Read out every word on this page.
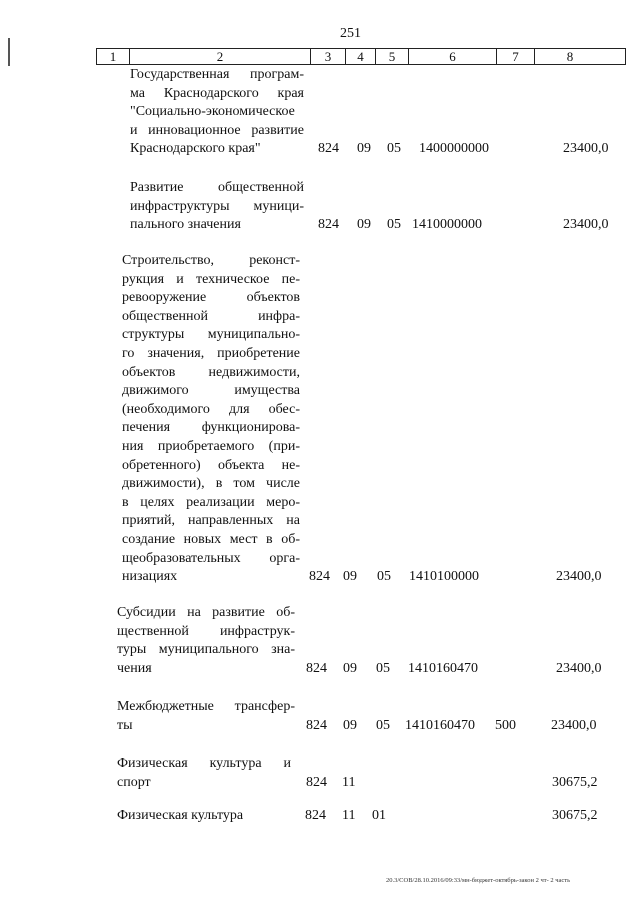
251
1	2	3	4	5	6	7	8
Государственная програм-
ма Краснодарского края
"Социально-экономическое
и инновационное развитие
Краснодарского края"	824 09 05 1400000000	23400,0
Развитие общественной
инфраструктуры муници-
пального значения	824 09 05 1410000000	23400,0
Строительство, реконст-
рукция и техническое пе-
ревооружение объектов
общественной инфра-
структуры муниципально-
го значения, приобретение
объектов недвижимости,
движимого имущества
(необходимого для обес-
печения функционирова-
ния приобретаемого (при-
обретенного) объекта не-
движимости), в том числе
в целях реализации меро-
приятий, направленных на
создание новых мест в об-
щеобразовательных орга-
низациях	824 09 05 1410100000	23400,0
Субсидии на развитие об-
щественной инфраструк-
туры муниципального зна-
чения	824 09 05 1410160470	23400,0
Межбюджетные трансфер-
ты	824 09 05 1410160470 500	23400,0
Физическая культура и
спорт	824 11	30675,2
Физическая культура	824 11 01	30675,2
20.3/СОВ/28.10.2016/09:33/мн-бюджет-октябрь-закон 2 чт- 2 часть
